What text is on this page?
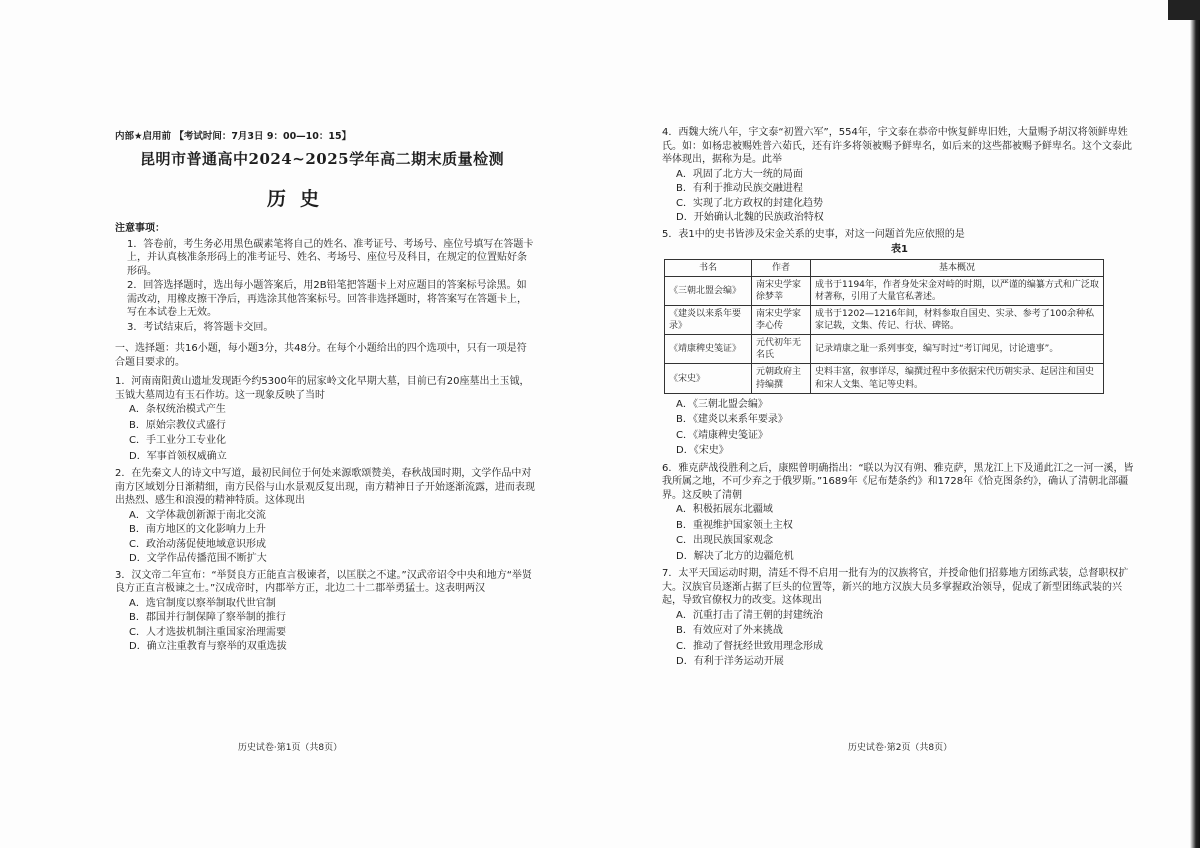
内部★启用前 【考试时间：7月3日 9：00—10：15】
昆明市普通高中2024~2025学年高二期末质量检测
历史
注意事项：
1．答卷前，考生务必用黑色碳素笔将自己的姓名、准考证号、考场号、座位号填写在答题卡上，并认真核准条形码上的准考证号、姓名、考场号、座位号及科目，在规定的位置贴好条形码。
2．回答选择题时，选出每小题答案后，用2B铅笔把答题卡上对应题目的答案标号涂黑。如需改动，用橡皮擦干净后，再选涂其他答案标号。回答非选择题时，将答案写在答题卡上，写在本试卷上无效。
3．考试结束后，将答题卡交回。
一、选择题：共16小题，每小题3分，共48分。在每个小题给出的四个选项中，只有一项是符合题目要求的。
1．河南南阳黄山遗址发现距今约5300年的屈家岭文化早期大墓，目前已有20座墓出土玉钺，玉钺大墓周边有玉石作坊。这一现象反映了当时
A．条权统治模式产生
B．原始宗教仪式盛行
C．手工业分工专业化
D．军事首领权威确立
2．在先秦文人的诗文中写道，最初民间位于何处来源歌颂赞美，春秋战国时期，文学作品中对南方区域划分日渐精细，南方民俗与山水景观反复出现，南方精神日子开始逐渐流露，进而表现出热烈、感生和浪漫的精神特质。这体现出
A．文学体裁创新源于南北交流
B．南方地区的文化影响力上升
C．政治动荡促使地域意识形成
D．文学作品传播范围不断扩大
3．汉文帝二年宣布：“举贤良方正能直言极谏者，以匡朕之不逮。”汉武帝诏令中央和地方“举贤良方正直言极谏之士。”汉成帝时，内郡举方正，北边二十二郡举勇猛士。这表明两汉
A．选官制度以察举制取代世官制
B．郡国并行制保障了察举制的推行
C．人才选拔机制注重国家治理需要
D．确立注重教育与察举的双重选拔
历史试卷·第1页（共8页）
4．西魏大统八年，宇文泰“初置六军”，554年，宇文泰在恭帝中恢复鲜卑旧姓，大量赐予胡汉将领鲜卑姓氏。如：如杨忠被赐姓普六茹氏，还有许多将领被赐予鲜卑名，如后来的这些都被赐予鲜卑名。这个文泰此举体现出，据称为是。此举
A．巩固了北方大一统的局面
B．有利于推动民族交融进程
C．实现了北方政权的封建化趋势
D．开始确认北魏的民族政治特权
5．表1中的史书皆涉及宋金关系的史事，对这一问题首先应依照的是
表1
书名	作者	基本概况
《三朝北盟会编》	南宋史学家徐梦莘	成书于1194年，作者身处宋金对峙的时期，以严谨的编纂方式和广泛取材著称，引用了大量官私著述。
《建炎以来系年要录》	南宋史学家李心传	成书于1202—1216年间，材料参取自国史、实录、参考了100余种私家记载，文集、传记、行状、碑铭。
《靖康稗史笺证》	元代初年无名氏	记录靖康之耻一系列事变，编写时过“考订闻见，讨论遗事”。
《宋史》	元朝政府主持编撰	史料丰富，叙事详尽，编撰过程中多依据宋代历朝实录、起居注和国史和宋人文集、笔记等史料。
A．《三朝北盟会编》
B．《建炎以来系年要录》
C．《靖康稗史笺证》
D．《宋史》
6．雅克萨战役胜利之后，康熙曾明确指出：“联以为汉有朔、雅克萨，黑龙江上下及通此江之一河一溪，皆我所属之地，不可少弃之于俄罗斯。”1689年《尼布楚条约》和1728年《恰克图条约》，确认了清朝北部疆界。这反映了清朝
A．积极拓展东北疆域
B．重视维护国家领土主权
C．出现民族国家观念
D．解决了北方的边疆危机
7．太平天国运动时期，清廷不得不启用一批有为的汉族将官，并授命他们招募地方团练武装，总督职权扩大。汉族官员逐渐占据了巨头的位置等，新兴的地方汉族大员多掌握政治领导，促成了新型团练武装的兴起，导致官僚权力的改变。这体现出
A．沉重打击了清王朝的封建统治
B．有效应对了外来挑战
C．推动了督抚经世致用理念形成
D．有利于洋务运动开展
历史试卷·第2页（共8页）
